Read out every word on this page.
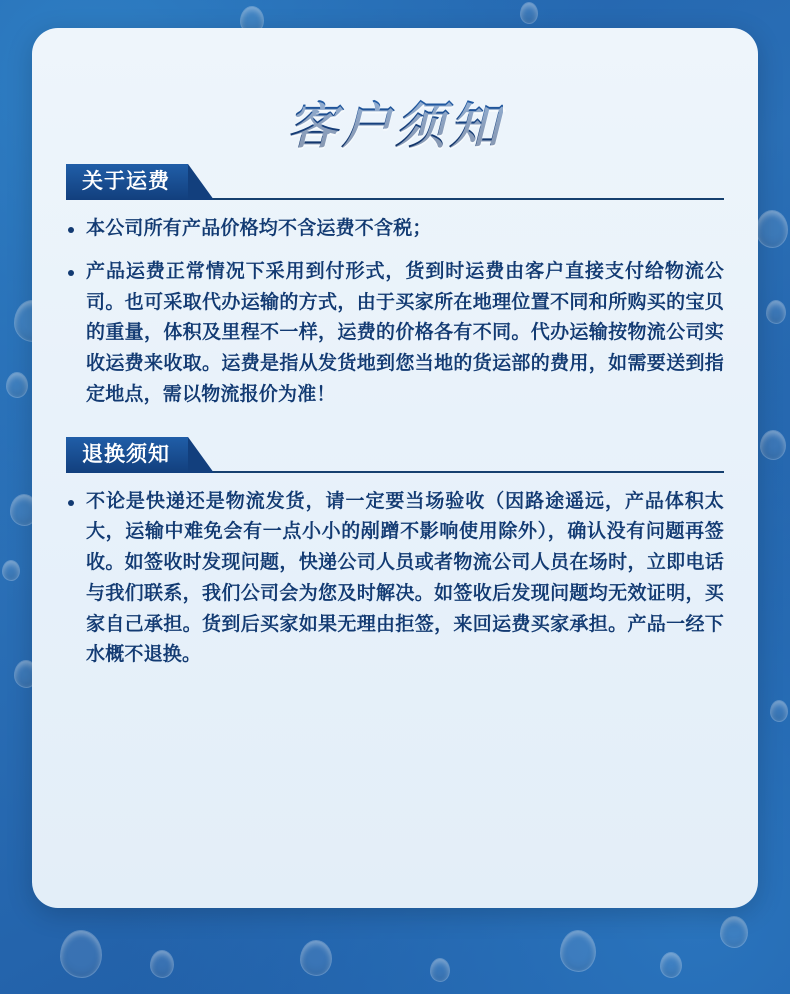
客户须知
关于运费
本公司所有产品价格均不含运费不含税；
产品运费正常情况下采用到付形式，货到时运费由客户直接支付给物流公司。也可采取代办运输的方式，由于买家所在地理位置不同和所购买的宝贝的重量，体积及里程不一样，运费的价格各有不同。代办运输按物流公司实收运费来收取。运费是指从发货地到您当地的货运部的费用，如需要送到指定地点，需以物流报价为准！
退换须知
不论是快递还是物流发货，请一定要当场验收（因路途遥远，产品体积太大，运输中难免会有一点小小的剐蹭不影响使用除外），确认没有问题再签收。如签收时发现问题，快递公司人员或者物流公司人员在场时，立即电话与我们联系，我们公司会为您及时解决。如签收后发现问题均无效证明，买家自己承担。货到后买家如果无理由拒签，来回运费买家承担。产品一经下水概不退换。
